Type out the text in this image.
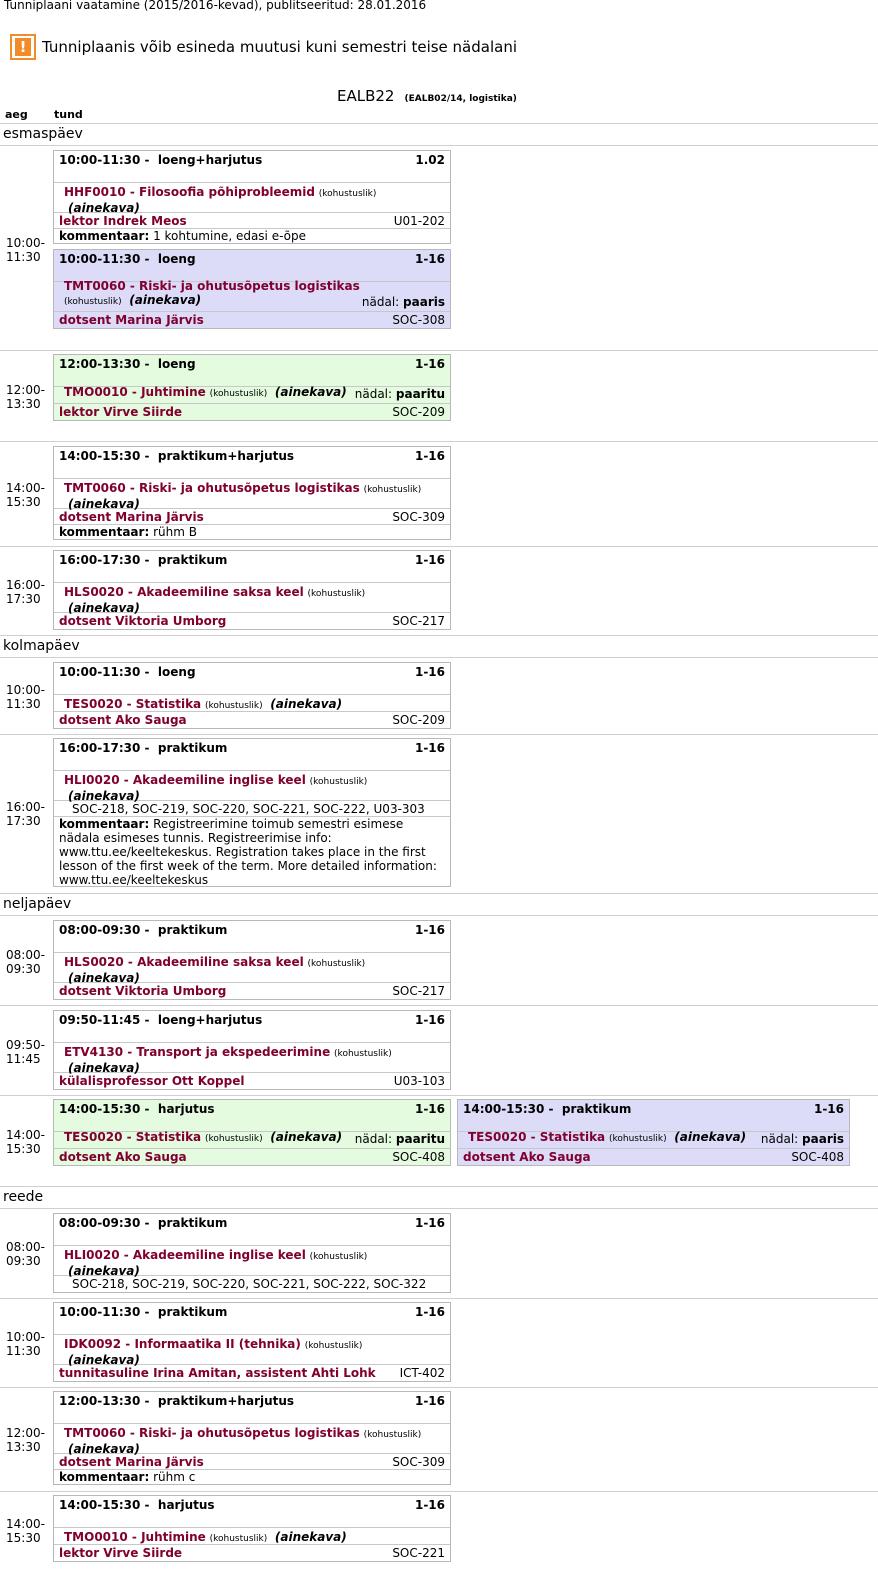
Tunniplaani vaatamine (2015/2016-kevad), publitseeritud: 28.01.2016
!	Tunniplaanis võib esineda muutusi kuni semestri teise nädalani
EALB22 (EALB02/14, logistika)
aeg tund
esmaspäev
10:00-
11:30
10:00-11:30 - loeng+harjutus	1.02
HHF0010 - Filosoofia põhiprobleemid (kohustuslik)
(ainekava)
lektor Indrek Meos	U01-202
kommentaar: 1 kohtumine, edasi e-õpe
10:00-11:30 - loeng	1-16
TMT0060 - Riski- ja ohutusõpetus logistikas (kohustuslik) (ainekava)	nädal: paaris
dotsent Marina Järvis	SOC-308
12:00-
13:30
12:00-13:30 - loeng	1-16
TMO0010 - Juhtimine (kohustuslik) (ainekava) nädal: paaritu
lektor Virve Siirde	SOC-209
14:00-
15:30
14:00-15:30 - praktikum+harjutus	1-16
TMT0060 - Riski- ja ohutusõpetus logistikas (kohustuslik)
(ainekava)
dotsent Marina Järvis	SOC-309
kommentaar: rühm B
16:00-
17:30
16:00-17:30 - praktikum	1-16
HLS0020 - Akadeemiline saksa keel (kohustuslik)
(ainekava)
dotsent Viktoria Umborg	SOC-217
kolmapäev
10:00-
11:30
10:00-11:30 - loeng	1-16
TES0020 - Statistika (kohustuslik) (ainekava)
dotsent Ako Sauga	SOC-209
16:00-
17:30
16:00-17:30 - praktikum	1-16
HLI0020 - Akadeemiline inglise keel (kohustuslik)
(ainekava)
SOC-218, SOC-219, SOC-220, SOC-221, SOC-222, U03-303
kommentaar: Registreerimine toimub semestri esimese nädala esimeses tunnis. Registreerimise info: www.ttu.ee/keeltekeskus. Registration takes place in the first lesson of the first week of the term. More detailed information: www.ttu.ee/keeltekeskus
neljapäev
08:00-
09:30
08:00-09:30 - praktikum	1-16
HLS0020 - Akadeemiline saksa keel (kohustuslik)
(ainekava)
dotsent Viktoria Umborg	SOC-217
09:50-
11:45
09:50-11:45 - loeng+harjutus	1-16
ETV4130 - Transport ja ekspedeerimine (kohustuslik)
(ainekava)
külalisprofessor Ott Koppel	U03-103
14:00-
15:30
14:00-15:30 - harjutus	1-16
TES0020 - Statistika (kohustuslik) (ainekava) nädal: paaritu
dotsent Ako Sauga	SOC-408
14:00-15:30 - praktikum	1-16
TES0020 - Statistika (kohustuslik) (ainekava) nädal: paaris
dotsent Ako Sauga	SOC-408
reede
08:00-
09:30
08:00-09:30 - praktikum	1-16
HLI0020 - Akadeemiline inglise keel (kohustuslik)
(ainekava)
SOC-218, SOC-219, SOC-220, SOC-221, SOC-222, SOC-322
10:00-
11:30
10:00-11:30 - praktikum	1-16
IDK0092 - Informaatika II (tehnika) (kohustuslik)
(ainekava)
tunnitasuline Irina Amitan, assistent Ahti Lohk ICT-402
12:00-
13:30
12:00-13:30 - praktikum+harjutus	1-16
TMT0060 - Riski- ja ohutusõpetus logistikas (kohustuslik)
(ainekava)
dotsent Marina Järvis	SOC-309
kommentaar: rühm c
14:00-
15:30
14:00-15:30 - harjutus	1-16
TMO0010 - Juhtimine (kohustuslik) (ainekava)
lektor Virve Siirde	SOC-221
